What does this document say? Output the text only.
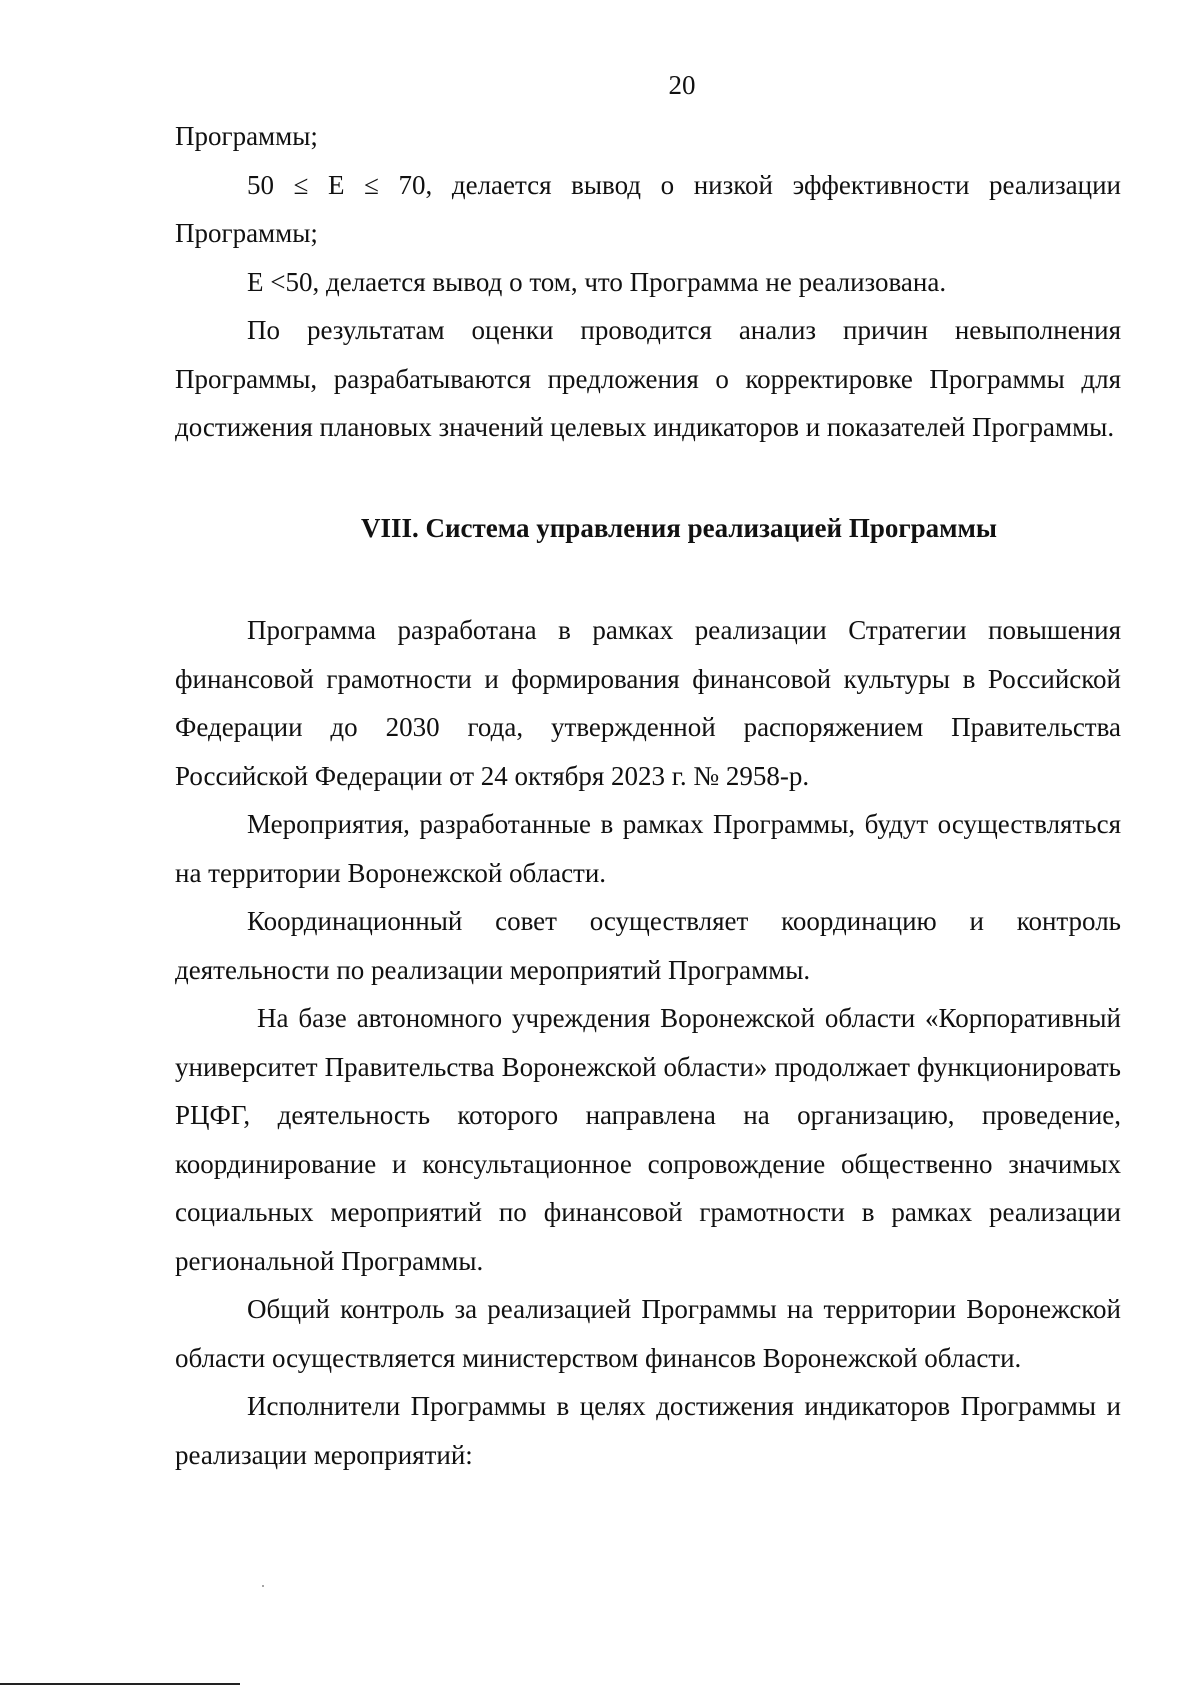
20

Программы;

50 ≤ Е ≤ 70, делается вывод о низкой эффективности реализации Программы;

Е <50, делается вывод о том, что Программа не реализована.

По результатам оценки проводится анализ причин невыполнения Программы, разрабатываются предложения о корректировке Программы для достижения плановых значений целевых индикаторов и показателей Программы.

VIII. Система управления реализацией Программы

Программа разработана в рамках реализации Стратегии повышения финансовой грамотности и формирования финансовой культуры в Российской Федерации до 2030 года, утвержденной распоряжением Правительства Российской Федерации от 24 октября 2023 г. № 2958-р.

Мероприятия, разработанные в рамках Программы, будут осуществляться на территории Воронежской области.

Координационный совет осуществляет координацию и контроль деятельности по реализации мероприятий Программы.

На базе автономного учреждения Воронежской области «Корпоративный университет Правительства Воронежской области» продолжает функционировать РЦФГ, деятельность которого направлена на организацию, проведение, координирование и консультационное сопровождение общественно значимых социальных мероприятий по финансовой грамотности в рамках реализации региональной Программы.

Общий контроль за реализацией Программы на территории Воронежской области осуществляется министерством финансов Воронежской области.

Исполнители Программы в целях достижения индикаторов Программы и реализации мероприятий:
